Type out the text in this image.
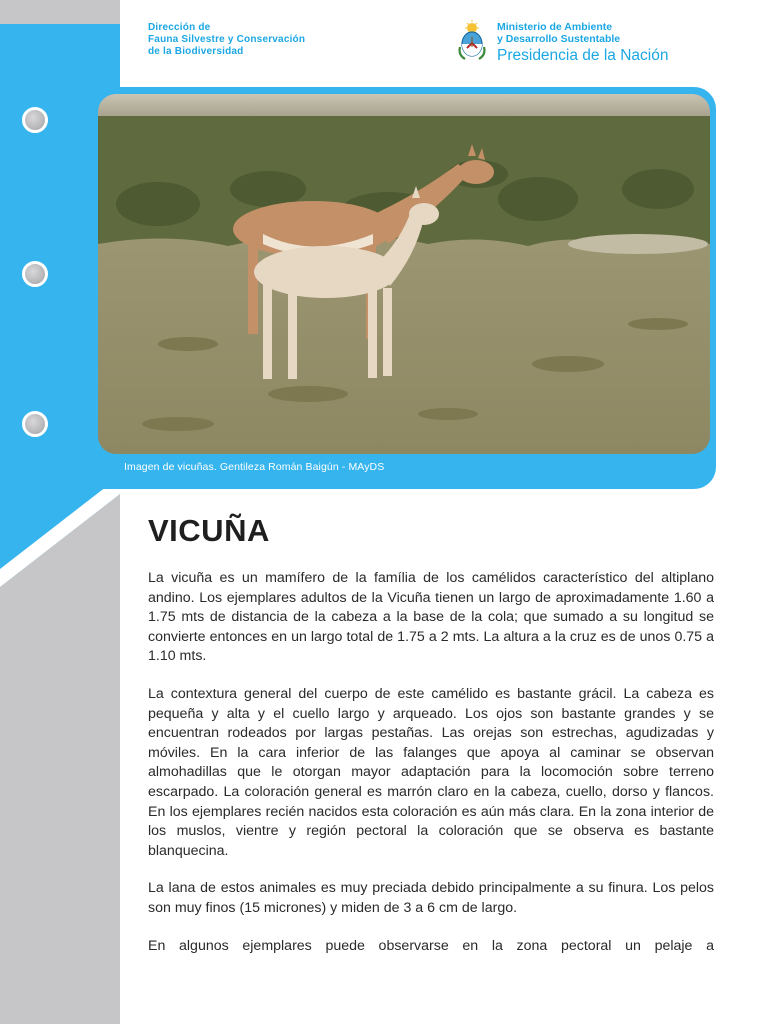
Dirección de
Fauna Silvestre y Conservación
de la Biodiversidad
Ministerio de Ambiente
y Desarrollo Sustentable
Presidencia de la Nación
Imagen de vicuñas. Gentileza Román Baigún - MAyDS
VICUÑA

La vicuña es un mamífero de la família de los camélidos característico del altiplano andino. Los ejemplares adultos de la Vicuña tienen un largo de aproximadamente 1.60 a 1.75 mts de distancia de la cabeza a la base de la cola; que sumado a su longitud se convierte entonces en un largo total de 1.75 a 2 mts. La altura a la cruz es de unos 0.75 a 1.10 mts.

La contextura general del cuerpo de este camélido es bastante grácil. La cabeza es pequeña y alta y el cuello largo y arqueado. Los ojos son bastante grandes y se encuentran rodeados por largas pestañas. Las orejas son estrechas, agudizadas y móviles. En la cara inferior de las falanges que apoya al caminar se observan almohadillas que le otorgan mayor adaptación para la locomoción sobre terreno escarpado. La coloración general es marrón claro en la cabeza, cuello, dorso y flancos. En los ejemplares recién nacidos esta coloración es aún más clara. En la zona interior de los muslos, vientre y región pectoral la coloración que se observa es bastante blanquecina.

La lana de estos animales es muy preciada debido principalmente a su finura. Los pelos son muy finos (15 micrones) y miden de 3 a 6 cm de largo.

En algunos ejemplares puede observarse en la zona pectoral un pelaje a
